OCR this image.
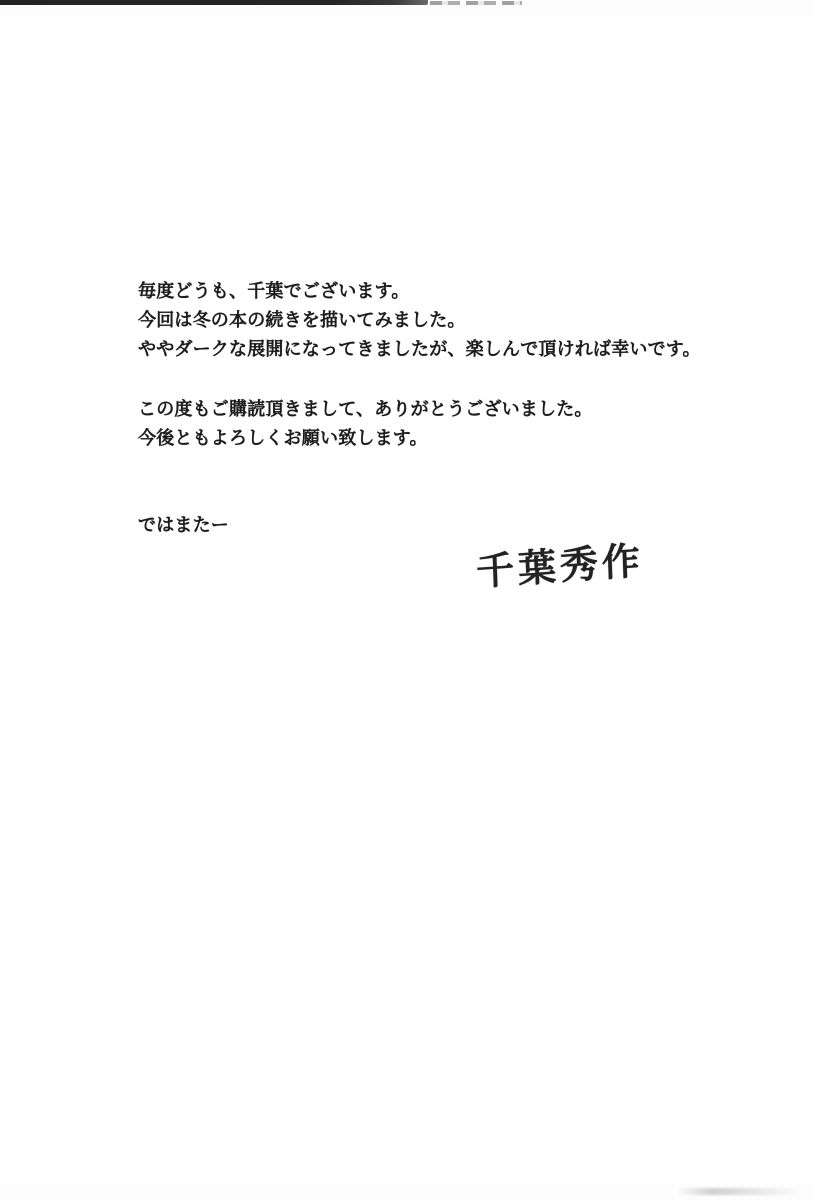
毎度どうも、千葉でございます。
今回は冬の本の続きを描いてみました。
ややダークな展開になってきましたが、楽しんで頂ければ幸いです。
この度もご購読頂きまして、ありがとうございました。
今後ともよろしくお願い致します。
ではまたー
千葉秀作
